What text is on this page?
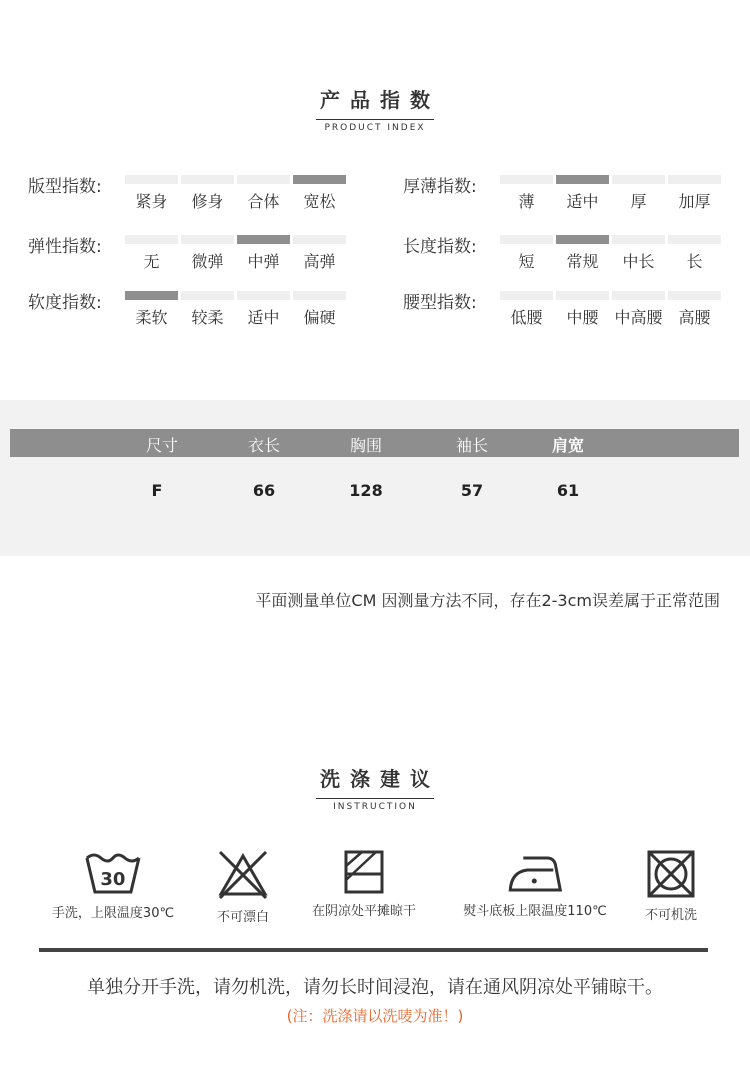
产品指数
PRODUCT INDEX
版型指数:
紧身	修身	合体	宽松
厚薄指数:
薄	适中	厚	加厚
弹性指数:
无	微弹	中弹	高弹
长度指数:
短	常规	中长	长
软度指数:
柔软	较柔	适中	偏硬
腰型指数:
低腰	中腰 中高腰 高腰
尺寸	衣长	胸围	袖长	肩宽
F	66	128	57	61
平面测量单位CM 因测量方法不同，存在2-3cm误差属于正常范围
洗涤建议
INSTRUCTION
30
手洗，上限温度30℃	不可漂白	在阴凉处平摊晾干	熨斗底板上限温度110℃	不可机洗
单独分开手洗，请勿机洗，请勿长时间浸泡，请在通风阴凉处平铺晾干。
(注：洗涤请以洗唛为准！)
